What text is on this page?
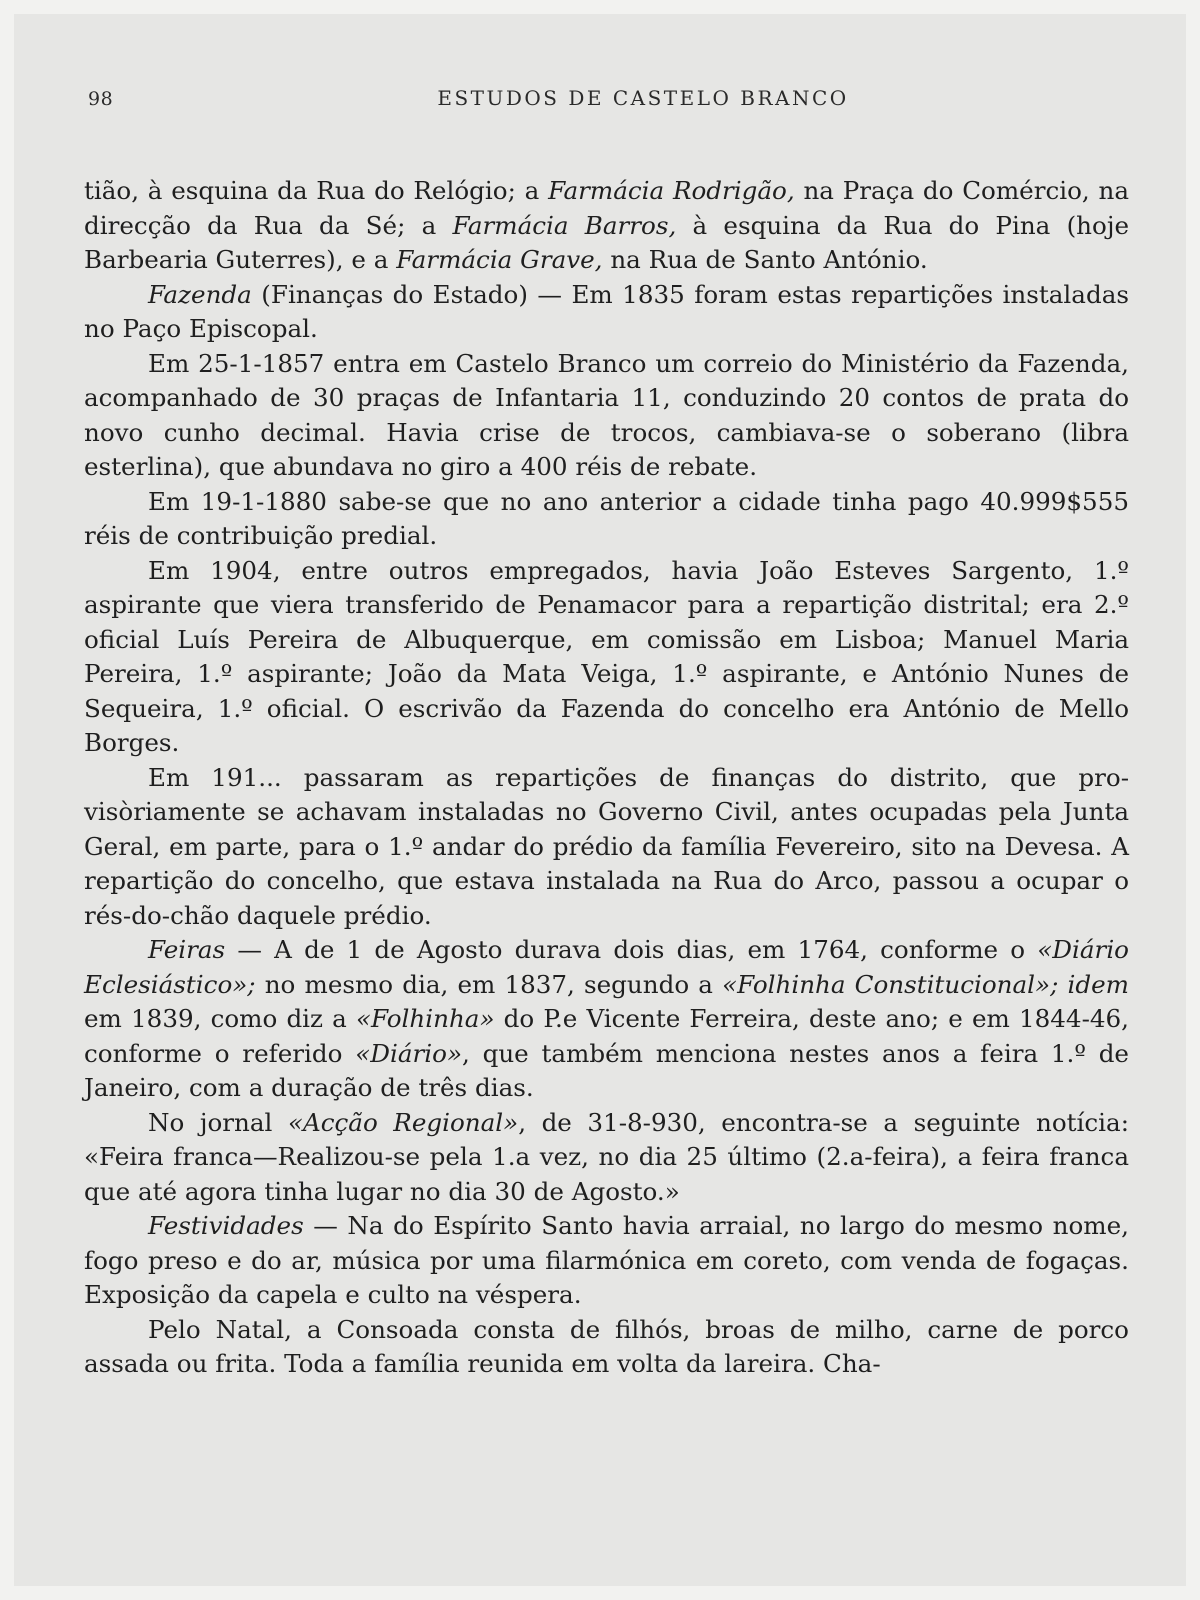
98	ESTUDOS DE CASTELO BRANCO

tião, à esquina da Rua do Relógio; a Farmácia Rodrigão, na Praça do Comércio, na direcção da Rua da Sé; a Farmácia Barros, à esquina da Rua do Pina (hoje Barbearia Guterres), e a Farmácia Grave, na Rua de Santo António.

Fazenda (Finanças do Estado) — Em 1835 foram estas repartições instaladas no Paço Episcopal.

Em 25-1-1857 entra em Castelo Branco um correio do Ministério da Fazenda, acompanhado de 30 praças de Infantaria 11, conduzindo 20 contos de prata do novo cunho decimal. Havia crise de trocos, cambiava-se o soberano (libra esterlina), que abundava no giro a 400 réis de rebate.

Em 19-1-1880 sabe-se que no ano anterior a cidade tinha pago 40.999$555 réis de contribuição predial.

Em 1904, entre outros empregados, havia João Esteves Sargento, 1.º aspirante que viera transferido de Penamacor para a repartição distrital; era 2.º oficial Luís Pereira de Albuquerque, em comissão em Lisboa; Manuel Maria Pereira, 1.º aspirante; João da Mata Veiga, 1.º aspirante, e António Nunes de Sequeira, 1.º oficial. O escrivão da Fazenda do concelho era António de Mello Borges.

Em 191... passaram as repartições de finanças do distrito, que provisòriamente se achavam instaladas no Governo Civil, antes ocupadas pela Junta Geral, em parte, para o 1.º andar do prédio da família Fevereiro, sito na Devesa. A repartição do concelho, que estava instalada na Rua do Arco, passou a ocupar o rés-do-chão daquele prédio.

Feiras — A de 1 de Agosto durava dois dias, em 1764, conforme o «Diário Eclesiástico»; no mesmo dia, em 1837, segundo a «Folhinha Constitucional»; idem em 1839, como diz a «Folhinha» do P.e Vicente Ferreira, deste ano; e em 1844-46, conforme o referido «Diário», que também menciona nestes anos a feira 1.º de Janeiro, com a duração de três dias.

No jornal «Acção Regional», de 31-8-930, encontra-se a seguinte notícia: «Feira franca—Realizou-se pela 1.a vez, no dia 25 último (2.a-feira), a feira franca que até agora tinha lugar no dia 30 de Agosto.»

Festividades — Na do Espírito Santo havia arraial, no largo do mesmo nome, fogo preso e do ar, música por uma filarmónica em coreto, com venda de fogaças. Exposição da capela e culto na véspera.

Pelo Natal, a Consoada consta de filhós, broas de milho, carne de porco assada ou frita. Toda a família reunida em volta da lareira. Cha-
